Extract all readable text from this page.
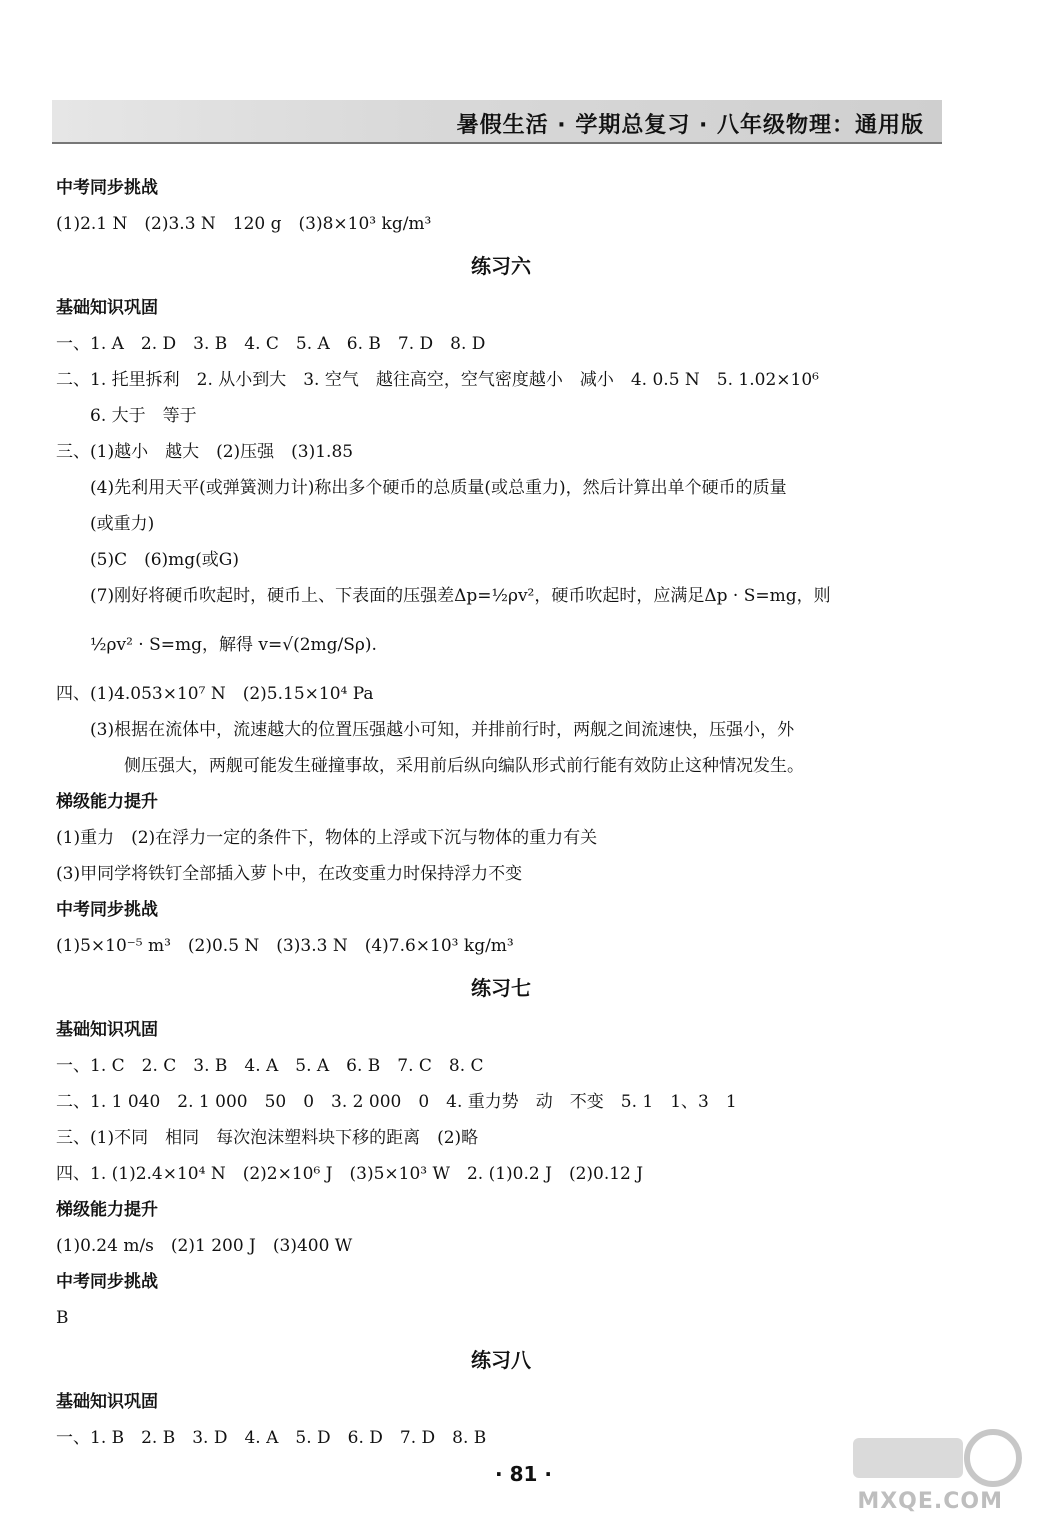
暑假生活 · 学期总复习 · 八年级物理：通用版
中考同步挑战
(1)2.1 N　(2)3.3 N　120 g　(3)8×10³ kg/m³
练习六
基础知识巩固
一、1. A　2. D　3. B　4. C　5. A　6. B　7. D　8. D
二、1. 托里拆利　2. 从小到大　3. 空气　越往高空，空气密度越小　减小　4. 0.5 N　5. 1.02×10⁶
6. 大于　等于
三、(1)越小　越大　(2)压强　(3)1.85
(4)先利用天平(或弹簧测力计)称出多个硬币的总质量(或总重力)，然后计算出单个硬币的质量
(或重力)
(5)C　(6)mg(或G)
(7)刚好将硬币吹起时，硬币上、下表面的压强差Δp=½ρv²，硬币吹起时，应满足Δp · S=mg，则
½ρv² · S=mg，解得 v=√(2mg/Sρ).
四、(1)4.053×10⁷ N　(2)5.15×10⁴ Pa
(3)根据在流体中，流速越大的位置压强越小可知，并排前行时，两舰之间流速快，压强小，外
侧压强大，两舰可能发生碰撞事故，采用前后纵向编队形式前行能有效防止这种情况发生。
梯级能力提升
(1)重力　(2)在浮力一定的条件下，物体的上浮或下沉与物体的重力有关
(3)甲同学将铁钉全部插入萝卜中，在改变重力时保持浮力不变
中考同步挑战
(1)5×10⁻⁵ m³　(2)0.5 N　(3)3.3 N　(4)7.6×10³ kg/m³
练习七
基础知识巩固
一、1. C　2. C　3. B　4. A　5. A　6. B　7. C　8. C
二、1. 1 040　2. 1 000　50　0　3. 2 000　0　4. 重力势　动　不变　5. 1　1、3　1
三、(1)不同　相同　每次泡沫塑料块下移的距离　(2)略
四、1. (1)2.4×10⁴ N　(2)2×10⁶ J　(3)5×10³ W　2. (1)0.2 J　(2)0.12 J
梯级能力提升
(1)0.24 m/s　(2)1 200 J　(3)400 W
中考同步挑战
B
练习八
基础知识巩固
一、1. B　2. B　3. D　4. A　5. D　6. D　7. D　8. B
· 81 ·
MXQE.COM
